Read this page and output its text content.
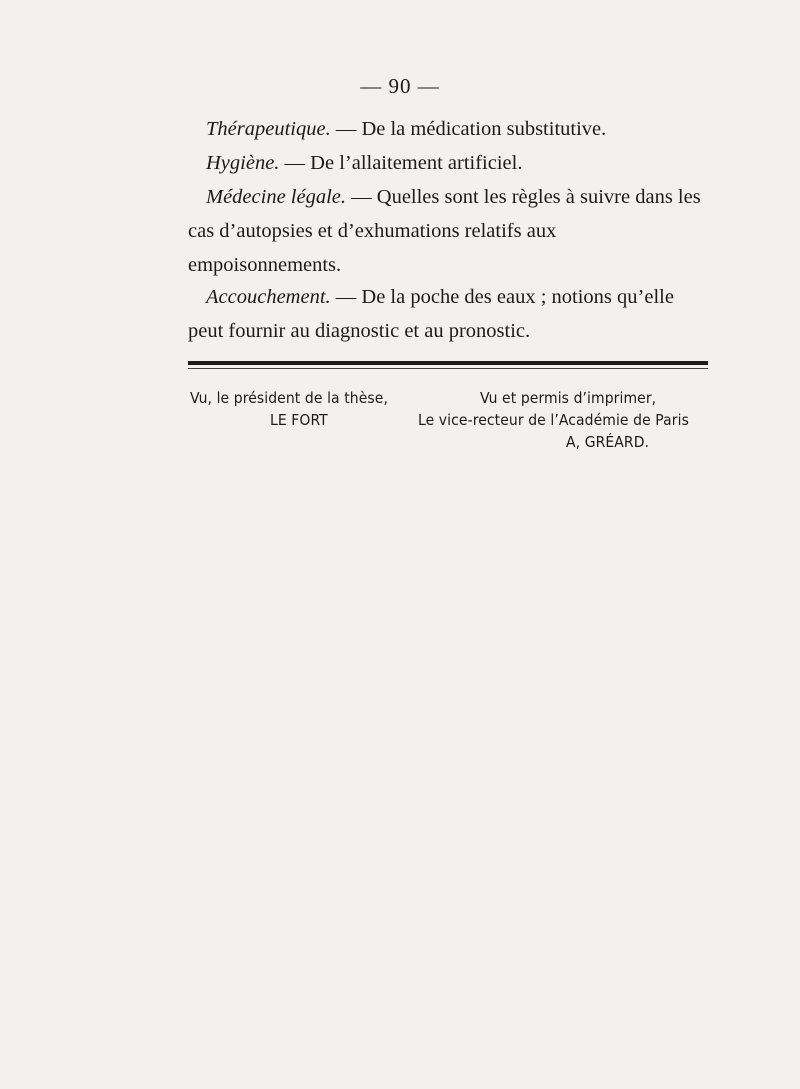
— 90 —

Thérapeutique. — De la médication substitutive.

Hygiène. — De l’allaitement artificiel.

Médecine légale. — Quelles sont les règles à suivre dans les cas d’autopsies et d’exhumations relatifs aux empoisonnements.

Accouchement. — De la poche des eaux ; notions qu’elle peut fournir au diagnostic et au pronostic.

Vu, le président de la thèse,
LE FORT
Vu et permis d’imprimer,
Le vice-recteur de l’Académie de Paris
A, GRÉARD.
